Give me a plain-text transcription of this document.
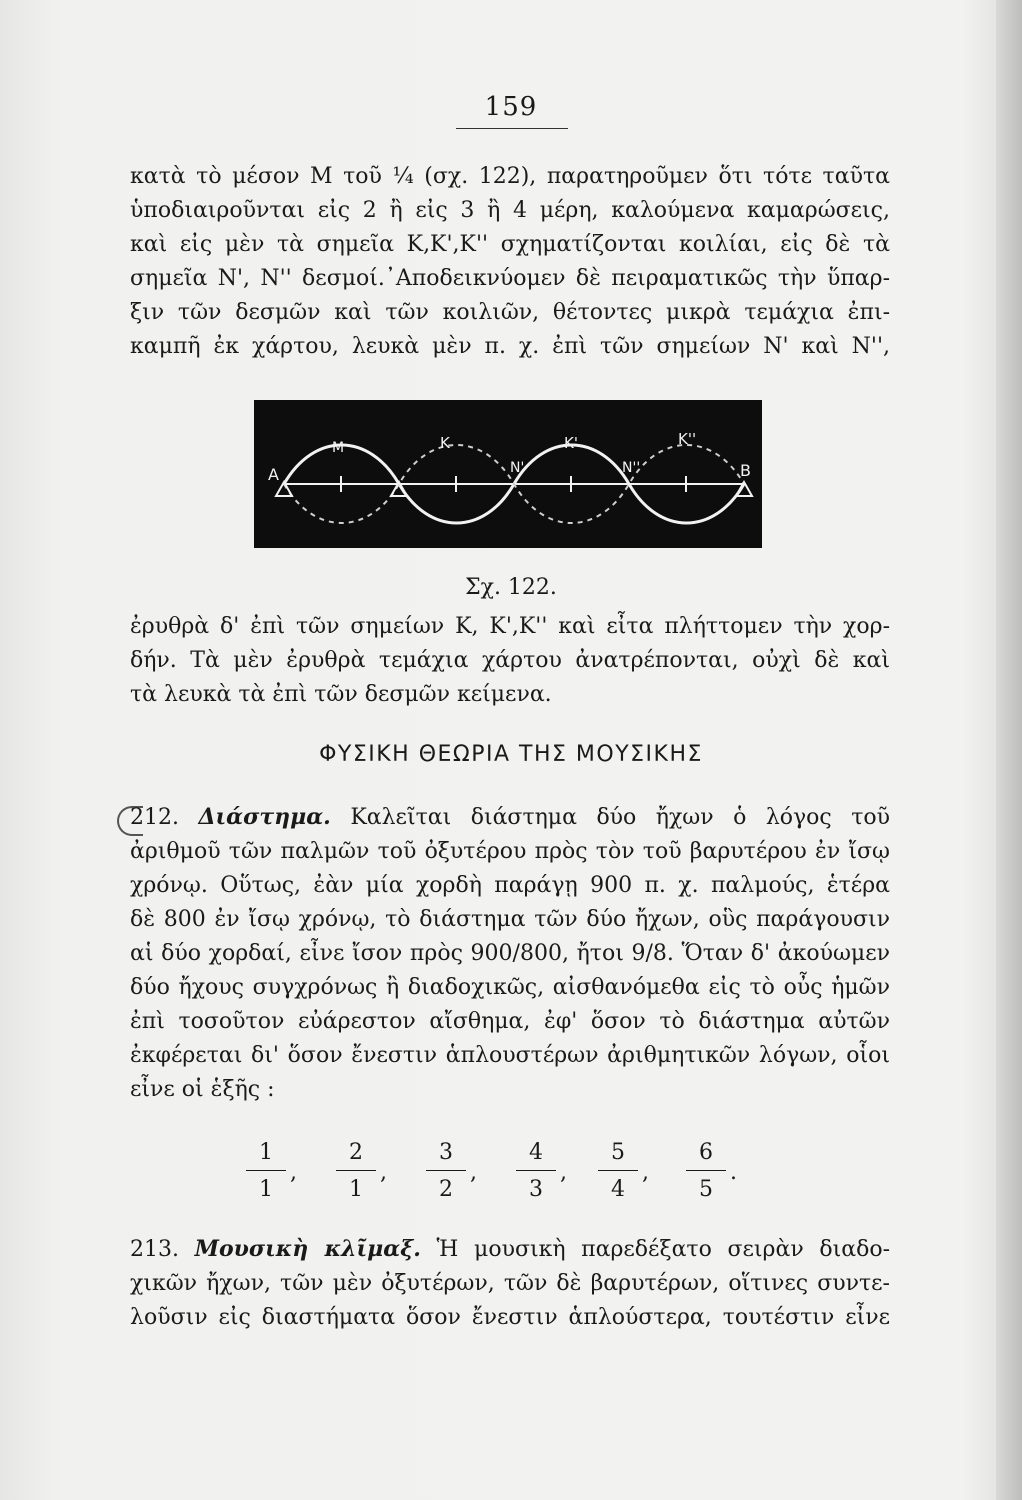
159
κατὰ τὸ μέσον Μ τοῦ ¼ (σχ. 122), παρατηροῦμεν ὅτι τότε ταῦτα
ὑποδιαιροῦνται εἰς 2 ἢ εἰς 3 ἢ 4 μέρη, καλούμενα καμαρώσεις,
καὶ εἰς μὲν τὰ σημεῖα Κ,Κ',Κ'' σχηματίζονται κοιλίαι, εἰς δὲ τὰ
σημεῖα Ν', Ν'' δεσμοί.᾽Αποδεικνύομεν δὲ πειραματικῶς τὴν ὕπαρ-
ξιν τῶν δεσμῶν καὶ τῶν κοιλιῶν, θέτοντες μικρὰ τεμάχια ἐπι-
καμπῆ ἐκ χάρτου, λευκὰ μὲν π. χ. ἐπὶ τῶν σημείων Ν' καὶ Ν'',
A	B
M	K	K'	K''
N'	N''
Σχ. 122.
ἐρυθρὰ δ' ἐπὶ τῶν σημείων Κ, Κ',Κ'' καὶ εἶτα πλήττομεν τὴν χορ-
δήν. Τὰ μὲν ἐρυθρὰ τεμάχια χάρτου ἀνατρέπονται, οὐχὶ δὲ καὶ
τὰ λευκὰ τὰ ἐπὶ τῶν δεσμῶν κείμενα.
ΦΥΣΙΚΗ ΘΕΩΡΙΑ ΤΗΣ ΜΟΥΣΙΚΗΣ
212. Διάστημα. Καλεῖται διάστημα δύο ἤχων ὁ λόγος τοῦ
ἀριθμοῦ τῶν παλμῶν τοῦ ὀξυτέρου πρὸς τὸν τοῦ βαρυτέρου ἐν ἴσῳ
χρόνῳ. Οὕτως, ἐὰν μία χορδὴ παράγῃ 900 π. χ. παλμούς, ἑτέρα
δὲ 800 ἐν ἴσῳ χρόνῳ, τὸ διάστημα τῶν δύο ἤχων, οὓς παράγουσιν
αἱ δύο χορδαί, εἶνε ἴσον πρὸς 900/800, ἤτοι 9/8. Ὅταν δ' ἀκούωμεν
δύο ἤχους συγχρόνως ἢ διαδοχικῶς, αἰσθανόμεθα εἰς τὸ οὖς ἡμῶν
ἐπὶ τοσοῦτον εὐάρεστον αἴσθημα, ἐφ' ὅσον τὸ διάστημα αὐτῶν
ἐκφέρεται δι' ὅσον ἔνεστιν ἁπλουστέρων ἀριθμητικῶν λόγων, οἷοι
εἶνε οἱ ἑξῆς :
1
1
,
2
1
,
3
2
,
4
3
,
5
4
,
6
5
.
213. Μουσικὴ κλῖμαξ. Ἡ μουσικὴ παρεδέξατο σειρὰν διαδο-
χικῶν ἤχων, τῶν μὲν ὀξυτέρων, τῶν δὲ βαρυτέρων, οἵτινες συντε-
λοῦσιν εἰς διαστήματα ὅσον ἔνεστιν ἁπλούστερα, τουτέστιν εἶνε
